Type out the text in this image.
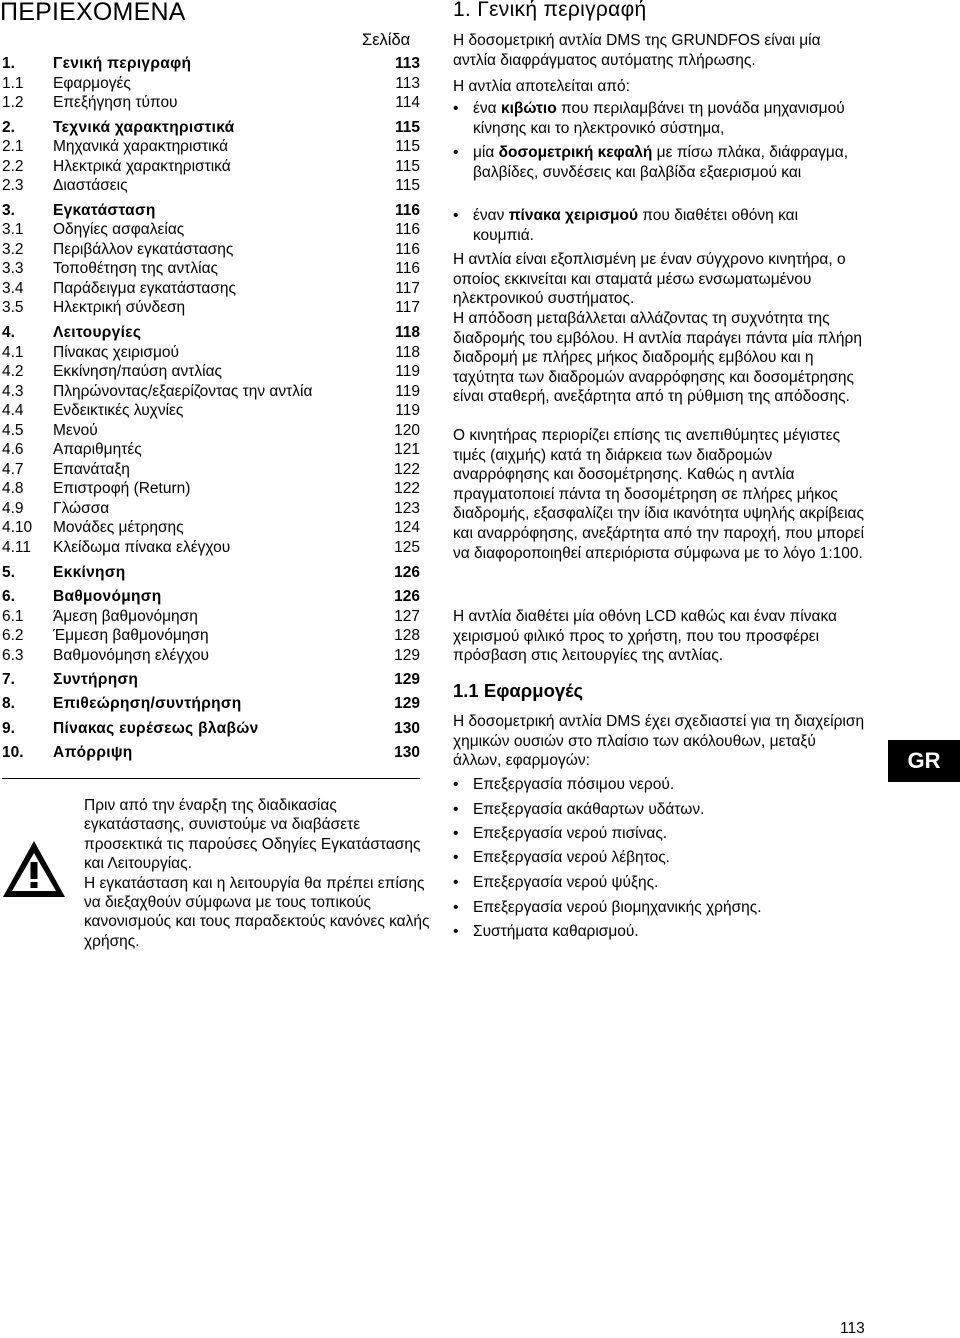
ΠΕΡΙΕΧΟΜΕΝΑ
Σελίδα
1. Γενική περιγραφή	113
1.1 Εφαρμογές	113
1.2 Επεξήγηση τύπου	114
2. Τεχνικά χαρακτηριστικά	115
2.1 Μηχανικά χαρακτηριστικά	115
2.2 Ηλεκτρικά χαρακτηριστικά	115
2.3 Διαστάσεις	115
3. Εγκατάσταση	116
3.1 Οδηγίες ασφαλείας	116
3.2 Περιβάλλον εγκατάστασης	116
3.3 Τοποθέτηση της αντλίας	116
3.4 Παράδειγμα εγκατάστασης	117
3.5 Ηλεκτρική σύνδεση	117
4. Λειτουργίες	118
4.1 Πίνακας χειρισμού	118
4.2 Εκκίνηση/παύση αντλίας	119
4.3 Πληρώνοντας/εξαερίζοντας την αντλία	119
4.4 Ενδεικτικές λυχνίες	119
4.5 Μενού	120
4.6 Απαριθμητές	121
4.7 Επανάταξη	122
4.8 Επιστροφή (Return)	122
4.9 Γλώσσα	123
4.10 Μονάδες μέτρησης	124
4.11 Κλείδωμα πίνακα ελέγχου	125
5. Εκκίνηση	126
6. Βαθμονόμηση	126
6.1 Άμεση βαθμονόμηση	127
6.2 Έμμεση βαθμονόμηση	128
6.3 Βαθμονόμηση ελέγχου	129
7. Συντήρηση	129
8. Επιθεώρηση/συντήρηση	129
9. Πίνακας ευρέσεως βλαβών	130
10. Απόρριψη	130

Πριν από την έναρξη της διαδικασίας εγκατάστασης, συνιστούμε να διαβάσετε προσεκτικά τις παρούσες Οδηγίες Εγκατάστασης και Λειτουργίας.

Η εγκατάσταση και η λειτουργία θα πρέπει επίσης να διεξαχθούν σύμφωνα με τους τοπικούς κανονισμούς και τους παραδεκτούς κανόνες καλής χρήσης.

1. Γενική περιγραφή

Η δοσομετρική αντλία DMS της GRUNDFOS είναι μία αντλία διαφράγματος αυτόματης πλήρωσης.

Η αντλία αποτελείται από:

• ένα κιβώτιο που περιλαμβάνει τη μονάδα μηχανισμού κίνησης και το ηλεκτρονικό σύστημα,
• μία δοσομετρική κεφαλή με πίσω πλάκα, διάφραγμα, βαλβίδες, συνδέσεις και βαλβίδα εξαερισμού και
• έναν πίνακα χειρισμού που διαθέτει οθόνη και κουμπιά.

Η αντλία είναι εξοπλισμένη με έναν σύγχρονο κινητήρα, ο οποίος εκκινείται και σταματά μέσω ενσωματωμένου ηλεκτρονικού συστήματος.

Η απόδοση μεταβάλλεται αλλάζοντας τη συχνότητα της διαδρομής του εμβόλου. Η αντλία παράγει πάντα μία πλήρη διαδρομή με πλήρες μήκος διαδρομής εμβόλου και η ταχύτητα των διαδρομών αναρρόφησης και δοσομέτρησης είναι σταθερή, ανεξάρτητα από τη ρύθμιση της απόδοσης.

Ο κινητήρας περιορίζει επίσης τις ανεπιθύμητες μέγιστες τιμές (αιχμής) κατά τη διάρκεια των διαδρομών αναρρόφησης και δοσομέτρησης. Καθώς η αντλία πραγματοποιεί πάντα τη δοσομέτρηση σε πλήρες μήκος διαδρομής, εξασφαλίζει την ίδια ικανότητα υψηλής ακρίβειας και αναρρόφησης, ανεξάρτητα από την παροχή, που μπορεί να διαφοροποιηθεί απεριόριστα σύμφωνα με το λόγο 1:100.

Η αντλία διαθέτει μία οθόνη LCD καθώς και έναν πίνακα χειρισμού φιλικό προς το χρήστη, που του προσφέρει πρόσβαση στις λειτουργίες της αντλίας.

1.1 Εφαρμογές

Η δοσομετρική αντλία DMS έχει σχεδιαστεί για τη διαχείριση χημικών ουσιών στο πλαίσιο των ακόλουθων, μεταξύ άλλων, εφαρμογών:

• Επεξεργασία πόσιμου νερού.
• Επεξεργασία ακάθαρτων υδάτων.
• Επεξεργασία νερού πισίνας.
• Επεξεργασία νερού λέβητος.
• Επεξεργασία νερού ψύξης.
• Επεξεργασία νερού βιομηχανικής χρήσης.
• Συστήματα καθαρισμού.
GR
113
